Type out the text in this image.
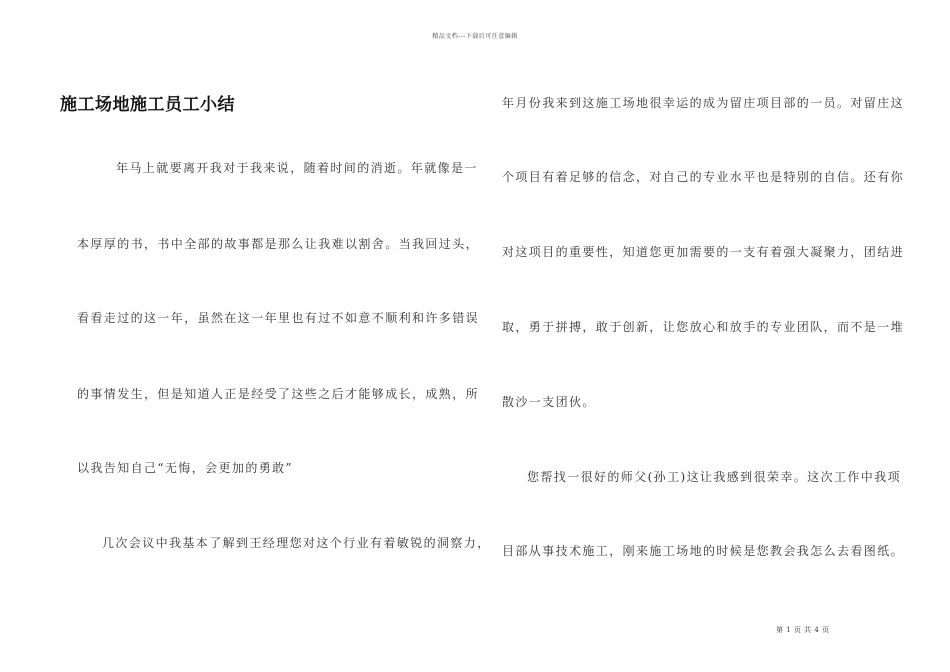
精品文档---下载后可任意编辑
施工场地施工员工小结
年马上就要离开我对于我来说，随着时间的消逝。年就像是一
本厚厚的书，书中全部的故事都是那么让我难以割舍。当我回过头，
看看走过的这一年，虽然在这一年里也有过不如意不顺利和许多错误
的事情发生，但是知道人正是经受了这些之后才能够成长，成熟，所
以我告知自己“无悔，会更加的勇敢”
几次会议中我基本了解到王经理您对这个行业有着敏锐的洞察力，
年月份我来到这施工场地很幸运的成为留庄项目部的一员。对留庄这
个项目有着足够的信念，对自己的专业水平也是特别的自信。还有你
对这项目的重要性，知道您更加需要的一支有着强大凝聚力，团结进
取，勇于拼搏，敢于创新，让您放心和放手的专业团队，而不是一堆
散沙一支团伙。
您帮找一很好的师父(孙工)这让我感到很荣幸。这次工作中我项
目部从事技术施工，刚来施工场地的时候是您教会我怎么去看图纸。
第 1 页 共 4 页
